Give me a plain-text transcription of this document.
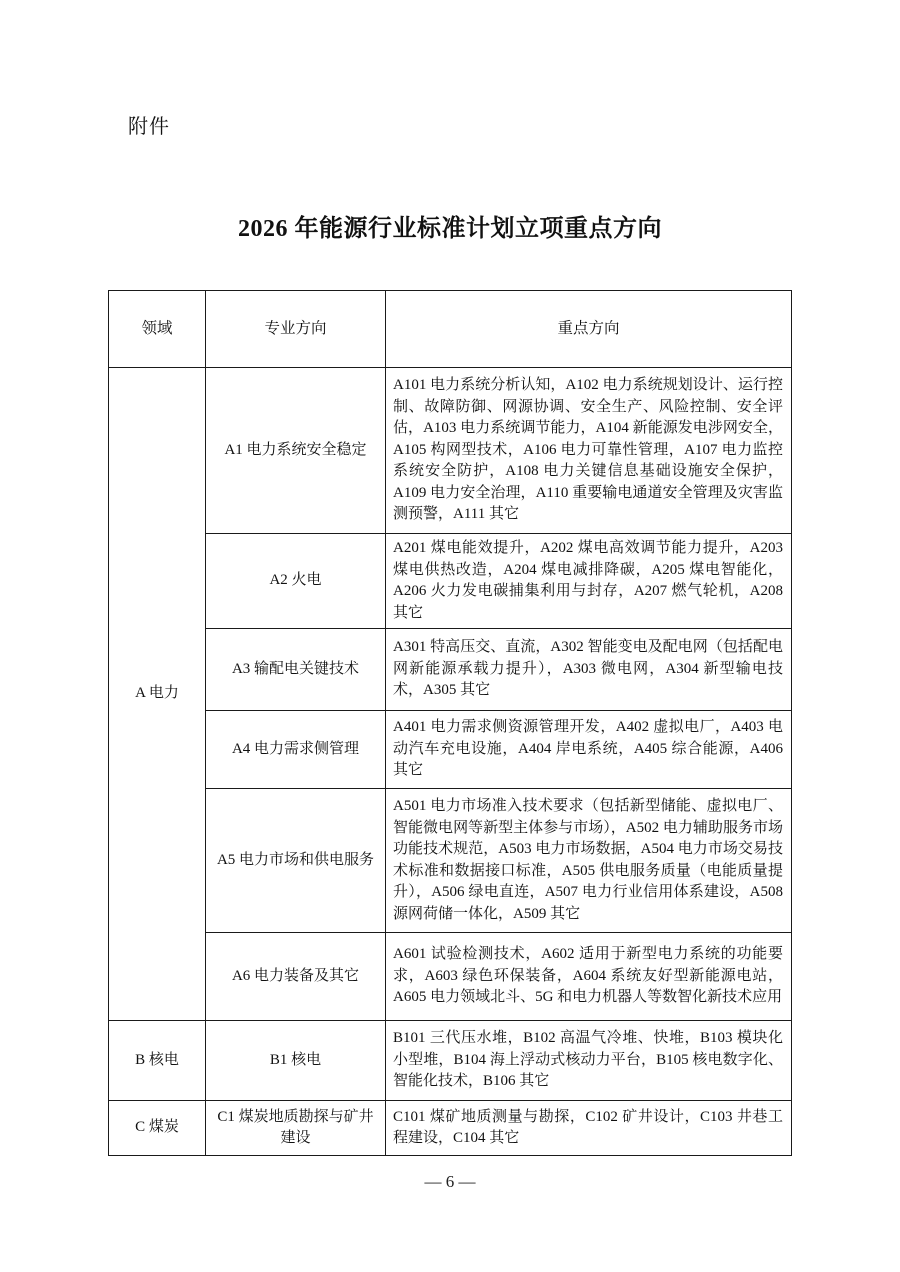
附件
2026 年能源行业标准计划立项重点方向
领域	专业方向	重点方向
A 电力	A1 电力系统安全稳定	A101 电力系统分析认知，A102 电力系统规划设计、运行控制、故障防御、网源协调、安全生产、风险控制、安全评估，A103 电力系统调节能力，A104 新能源发电涉网安全，A105 构网型技术，A106 电力可靠性管理，A107 电力监控系统安全防护，A108 电力关键信息基础设施安全保护，A109 电力安全治理，A110 重要输电通道安全管理及灾害监测预警，A111 其它
	A2 火电	A201 煤电能效提升，A202 煤电高效调节能力提升，A203 煤电供热改造，A204 煤电减排降碳，A205 煤电智能化，A206 火力发电碳捕集利用与封存，A207 燃气轮机，A208 其它
	A3 输配电关键技术	A301 特高压交、直流，A302 智能变电及配电网（包括配电网新能源承载力提升），A303 微电网，A304 新型输电技术，A305 其它
	A4 电力需求侧管理	A401 电力需求侧资源管理开发，A402 虚拟电厂，A403 电动汽车充电设施，A404 岸电系统，A405 综合能源，A406 其它
	A5 电力市场和供电服务	A501 电力市场准入技术要求（包括新型储能、虚拟电厂、智能微电网等新型主体参与市场），A502 电力辅助服务市场功能技术规范，A503 电力市场数据，A504 电力市场交易技术标准和数据接口标准，A505 供电服务质量（电能质量提升），A506 绿电直连，A507 电力行业信用体系建设，A508 源网荷储一体化，A509 其它
	A6 电力装备及其它	A601 试验检测技术，A602 适用于新型电力系统的功能要求，A603 绿色环保装备，A604 系统友好型新能源电站，A605 电力领域北斗、5G 和电力机器人等数智化新技术应用
B 核电	B1 核电	B101 三代压水堆，B102 高温气冷堆、快堆，B103 模块化小型堆，B104 海上浮动式核动力平台，B105 核电数字化、智能化技术，B106 其它
C 煤炭	C1 煤炭地质勘探与矿井建设	C101 煤矿地质测量与勘探，C102 矿井设计，C103 井巷工程建设，C104 其它
— 6 —
